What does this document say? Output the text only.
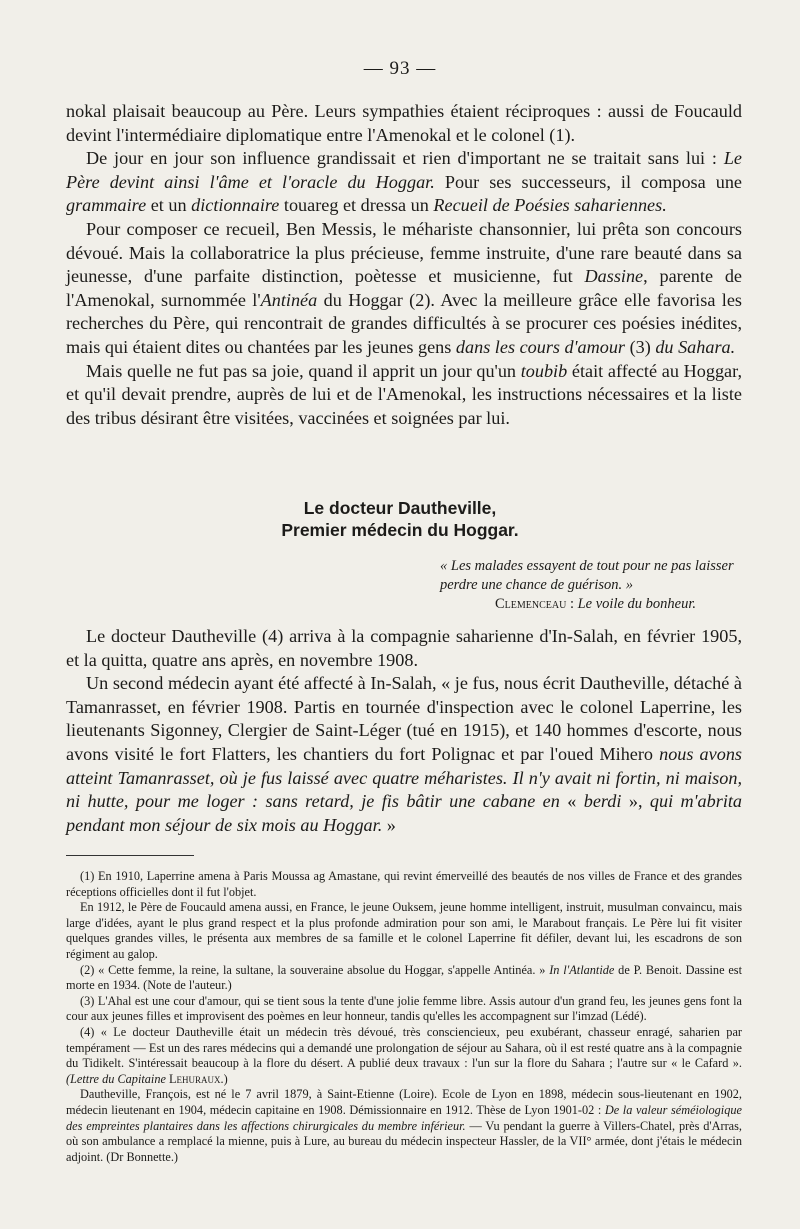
— 93 —

nokal plaisait beaucoup au Père. Leurs sympathies étaient réciproques : aussi de Foucauld devint l'intermédiaire diplomatique entre l'Amenokal et le colonel (1).

De jour en jour son influence grandissait et rien d'important ne se traitait sans lui : Le Père devint ainsi l'âme et l'oracle du Hoggar. Pour ses successeurs, il composa une grammaire et un dictionnaire touareg et dressa un Recueil de Poésies sahariennes.

Pour composer ce recueil, Ben Messis, le méhariste chansonnier, lui prêta son concours dévoué. Mais la collaboratrice la plus précieuse, femme instruite, d'une rare beauté dans sa jeunesse, d'une parfaite distinction, poètesse et musicienne, fut Dassine, parente de l'Amenokal, surnommée l'Antinéa du Hoggar (2). Avec la meilleure grâce elle favorisa les recherches du Père, qui rencontrait de grandes difficultés à se procurer ces poésies inédites, mais qui étaient dites ou chantées par les jeunes gens dans les cours d'amour (3) du Sahara.

Mais quelle ne fut pas sa joie, quand il apprit un jour qu'un toubib était affecté au Hoggar, et qu'il devait prendre, auprès de lui et de l'Amenokal, les instructions nécessaires et la liste des tribus désirant être visitées, vaccinées et soignées par lui.

Le docteur Dautheville,
Premier médecin du Hoggar.
« Les malades essayent de tout pour ne pas laisser perdre une chance de guérison. »
Clemenceau : Le voile du bonheur.

Le docteur Dautheville (4) arriva à la compagnie saharienne d'In-Salah, en février 1905, et la quitta, quatre ans après, en novembre 1908.

Un second médecin ayant été affecté à In-Salah, « je fus, nous écrit Dautheville, détaché à Tamanrasset, en février 1908. Partis en tournée d'inspection avec le colonel Laperrine, les lieutenants Sigonney, Clergier de Saint-Léger (tué en 1915), et 140 hommes d'escorte, nous avons visité le fort Flatters, les chantiers du fort Polignac et par l'oued Mihero nous avons atteint Tamanrasset, où je fus laissé avec quatre méharistes. Il n'y avait ni fortin, ni maison, ni hutte, pour me loger : sans retard, je fis bâtir une cabane en « berdi », qui m'abrita pendant mon séjour de six mois au Hoggar. »

(1) En 1910, Laperrine amena à Paris Moussa ag Amastane, qui revint émerveillé des beautés de nos villes de France et des grandes réceptions officielles dont il fut l'objet.

En 1912, le Père de Foucauld amena aussi, en France, le jeune Ouksem, jeune homme intelligent, instruit, musulman convaincu, mais large d'idées, ayant le plus grand respect et la plus profonde admiration pour son ami, le Marabout français. Le Père lui fit visiter quelques grandes villes, le présenta aux membres de sa famille et le colonel Laperrine fit défiler, devant lui, les escadrons de son régiment au galop.

(2) « Cette femme, la reine, la sultane, la souveraine absolue du Hoggar, s'appelle Antinéa. » In l'Atlantide de P. Benoit. Dassine est morte en 1934. (Note de l'auteur.)

(3) L'Ahal est une cour d'amour, qui se tient sous la tente d'une jolie femme libre. Assis autour d'un grand feu, les jeunes gens font la cour aux jeunes filles et improvisent des poèmes en leur honneur, tandis qu'elles les accompagnent sur l'imzad (Lédé).

(4) « Le docteur Dautheville était un médecin très dévoué, très consciencieux, peu exubérant, chasseur enragé, saharien par tempérament — Est un des rares médecins qui a demandé une prolongation de séjour au Sahara, où il est resté quatre ans à la compagnie du Tidikelt. S'intéressait beaucoup à la flore du désert. A publié deux travaux : l'un sur la flore du Sahara ; l'autre sur « le Cafard ». (Lettre du Capitaine Lehuraux.)

Dautheville, François, est né le 7 avril 1879, à Saint-Etienne (Loire). Ecole de Lyon en 1898, médecin sous-lieutenant en 1902, médecin lieutenant en 1904, médecin capitaine en 1908. Démissionnaire en 1912. Thèse de Lyon 1901-02 : De la valeur séméiologique des empreintes plantaires dans les affections chirurgicales du membre inférieur. — Vu pendant la guerre à Villers-Chatel, près d'Arras, où son ambulance a remplacé la mienne, puis à Lure, au bureau du médecin inspecteur Hassler, de la VII° armée, dont j'étais le médecin adjoint. (Dr Bonnette.)
